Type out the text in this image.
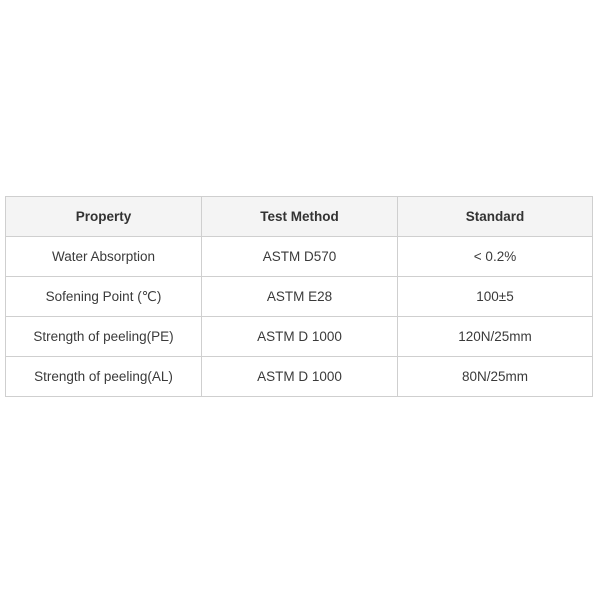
Property	Test Method	Standard
Water Absorption	ASTM D570	< 0.2%
Sofening Point (℃)	ASTM E28	100±5
Strength of peeling(PE)	ASTM D 1000	120N/25mm
Strength of peeling(AL)	ASTM D 1000	80N/25mm
